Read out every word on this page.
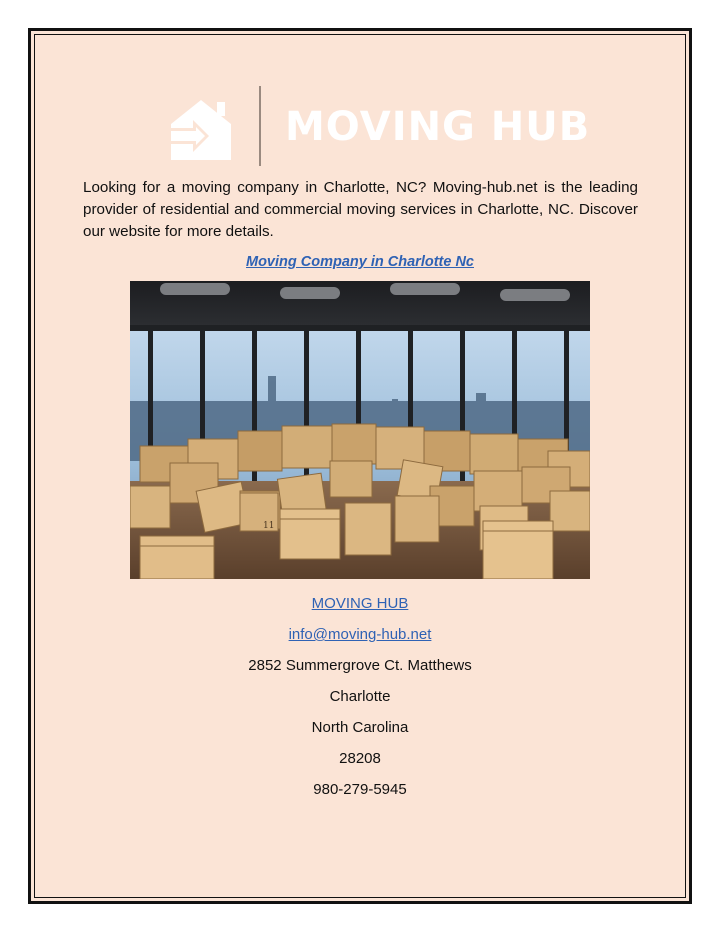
MOVING HUB

Looking for a moving company in Charlotte, NC? Moving-hub.net is the leading provider of residential and commercial moving services in Charlotte, NC. Discover our website for more details.

Moving Company in Charlotte Nc
11
MOVING HUB
info@moving-hub.net
2852 Summergrove Ct. Matthews
Charlotte
North Carolina
28208
980-279-5945
